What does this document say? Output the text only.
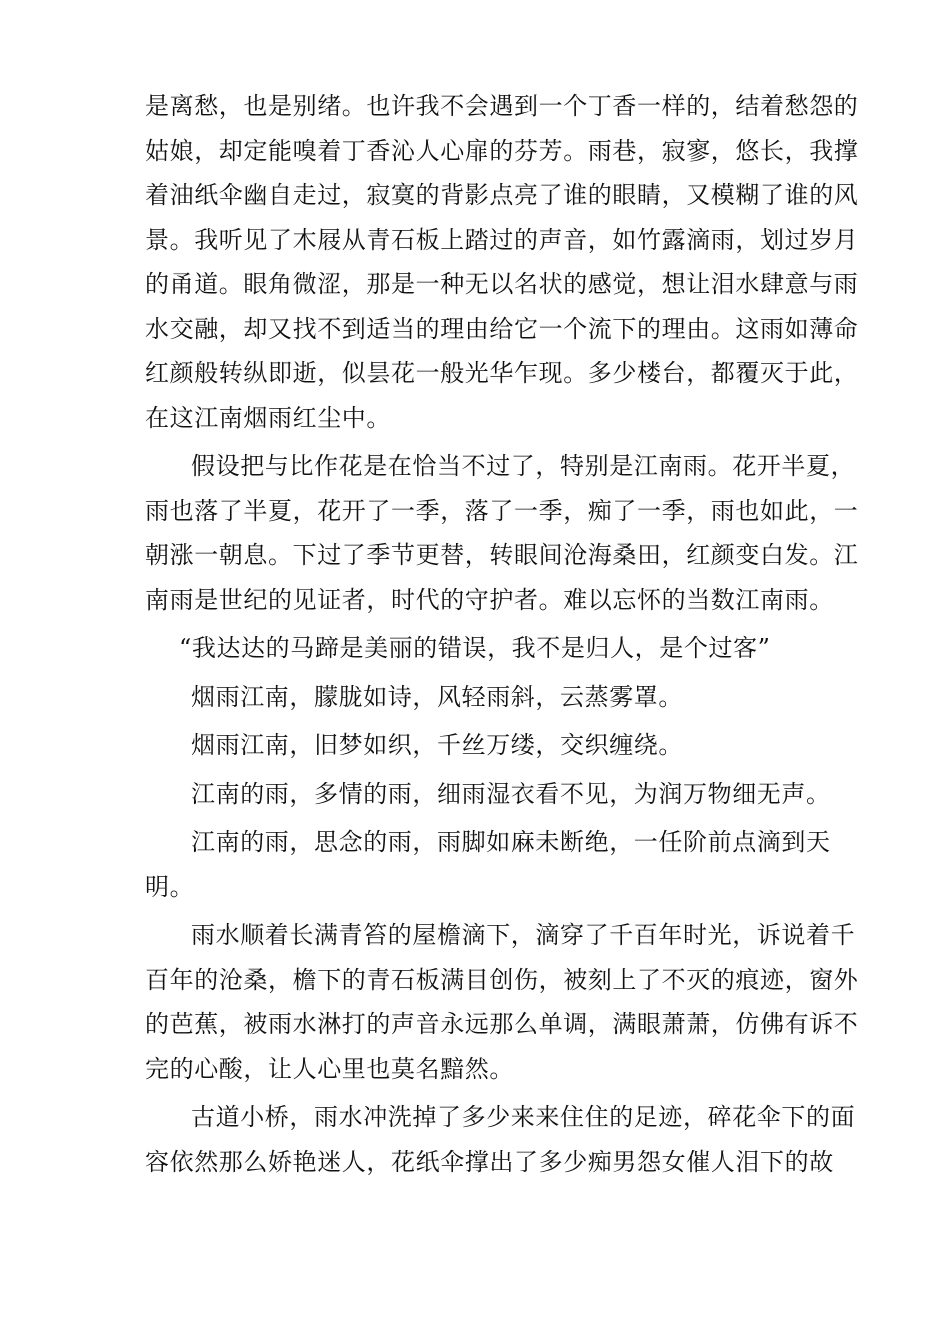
是离愁，也是别绪。也许我不会遇到一个丁香一样的，结着愁怨的
姑娘，却定能嗅着丁香沁人心扉的芬芳。雨巷，寂寥，悠长，我撑
着油纸伞幽自走过，寂寞的背影点亮了谁的眼睛，又模糊了谁的风
景。我听见了木屐从青石板上踏过的声音，如竹露滴雨，划过岁月
的甬道。眼角微涩，那是一种无以名状的感觉，想让泪水肆意与雨
水交融，却又找不到适当的理由给它一个流下的理由。这雨如薄命
红颜般转纵即逝，似昙花一般光华乍现。多少楼台，都覆灭于此，
在这江南烟雨红尘中。
假设把与比作花是在恰当不过了，特别是江南雨。花开半夏，
雨也落了半夏，花开了一季，落了一季，痴了一季，雨也如此，一
朝涨一朝息。下过了季节更替，转眼间沧海桑田，红颜变白发。江
南雨是世纪的见证者，时代的守护者。难以忘怀的当数江南雨。
“我达达的马蹄是美丽的错误，我不是归人，是个过客”
烟雨江南，朦胧如诗，风轻雨斜，云蒸雾罩。
烟雨江南，旧梦如织，千丝万缕，交织缠绕。
江南的雨，多情的雨，细雨湿衣看不见，为润万物细无声。
江南的雨，思念的雨，雨脚如麻未断绝，一任阶前点滴到天
明。
雨水顺着长满青笞的屋檐滴下，滴穿了千百年时光，诉说着千
百年的沧桑，檐下的青石板满目创伤，被刻上了不灭的痕迹，窗外
的芭蕉，被雨水淋打的声音永远那么单调，满眼萧萧，仿佛有诉不
完的心酸，让人心里也莫名黯然。
古道小桥，雨水冲洗掉了多少来来住住的足迹，碎花伞下的面
容依然那么娇艳迷人，花纸伞撑出了多少痴男怨女催人泪下的故
